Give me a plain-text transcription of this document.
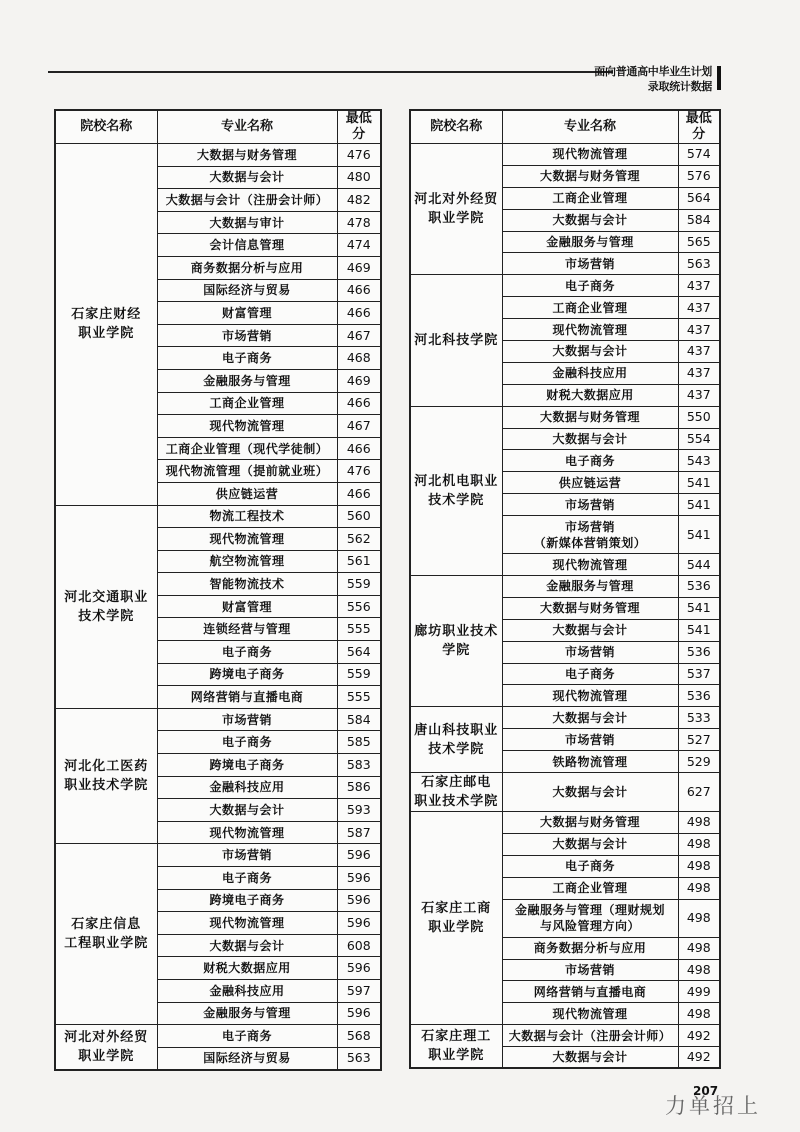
面向普通高中毕业生计划
录取统计数据
院校名称	专业名称	最低分
石家庄财经
职业学院	大数据与财务管理	476
	大数据与会计	480
	大数据与会计（注册会计师）	482
	大数据与审计	478
	会计信息管理	474
	商务数据分析与应用	469
	国际经济与贸易	466
	财富管理	466
	市场营销	467
	电子商务	468
	金融服务与管理	469
	工商企业管理	466
	现代物流管理	467
	工商企业管理（现代学徒制）	466
	现代物流管理（提前就业班）	476
	供应链运营	466
河北交通职业
技术学院	物流工程技术	560
	现代物流管理	562
	航空物流管理	561
	智能物流技术	559
	财富管理	556
	连锁经营与管理	555
	电子商务	564
	跨境电子商务	559
	网络营销与直播电商	555
河北化工医药
职业技术学院	市场营销	584
	电子商务	585
	跨境电子商务	583
	金融科技应用	586
	大数据与会计	593
	现代物流管理	587
石家庄信息
工程职业学院	市场营销	596
	电子商务	596
	跨境电子商务	596
	现代物流管理	596
	大数据与会计	608
	财税大数据应用	596
	金融科技应用	597
	金融服务与管理	596
河北对外经贸
职业学院	电子商务	568
	国际经济与贸易	563
院校名称	专业名称	最低分
河北对外经贸
职业学院	现代物流管理	574
	大数据与财务管理	576
	工商企业管理	564
	大数据与会计	584
	金融服务与管理	565
	市场营销	563
河北科技学院	电子商务	437
	工商企业管理	437
	现代物流管理	437
	大数据与会计	437
	金融科技应用	437
	财税大数据应用	437
河北机电职业
技术学院	大数据与财务管理	550
	大数据与会计	554
	电子商务	543
	供应链运营	541
	市场营销	541
	市场营销
（新媒体营销策划）	541
	现代物流管理	544
廊坊职业技术
学院	金融服务与管理	536
	大数据与财务管理	541
	大数据与会计	541
	市场营销	536
	电子商务	537
	现代物流管理	536
唐山科技职业
技术学院	大数据与会计	533
	市场营销	527
	铁路物流管理	529
石家庄邮电
职业技术学院	大数据与会计	627
石家庄工商
职业学院	大数据与财务管理	498
	大数据与会计	498
	电子商务	498
	工商企业管理	498
	金融服务与管理（理财规划
与风险管理方向）	498
	商务数据分析与应用	498
	市场营销	498
	网络营销与直播电商	499
	现代物流管理	498
石家庄理工
职业学院	大数据与会计（注册会计师）	492
	大数据与会计	492
207
力单招上
